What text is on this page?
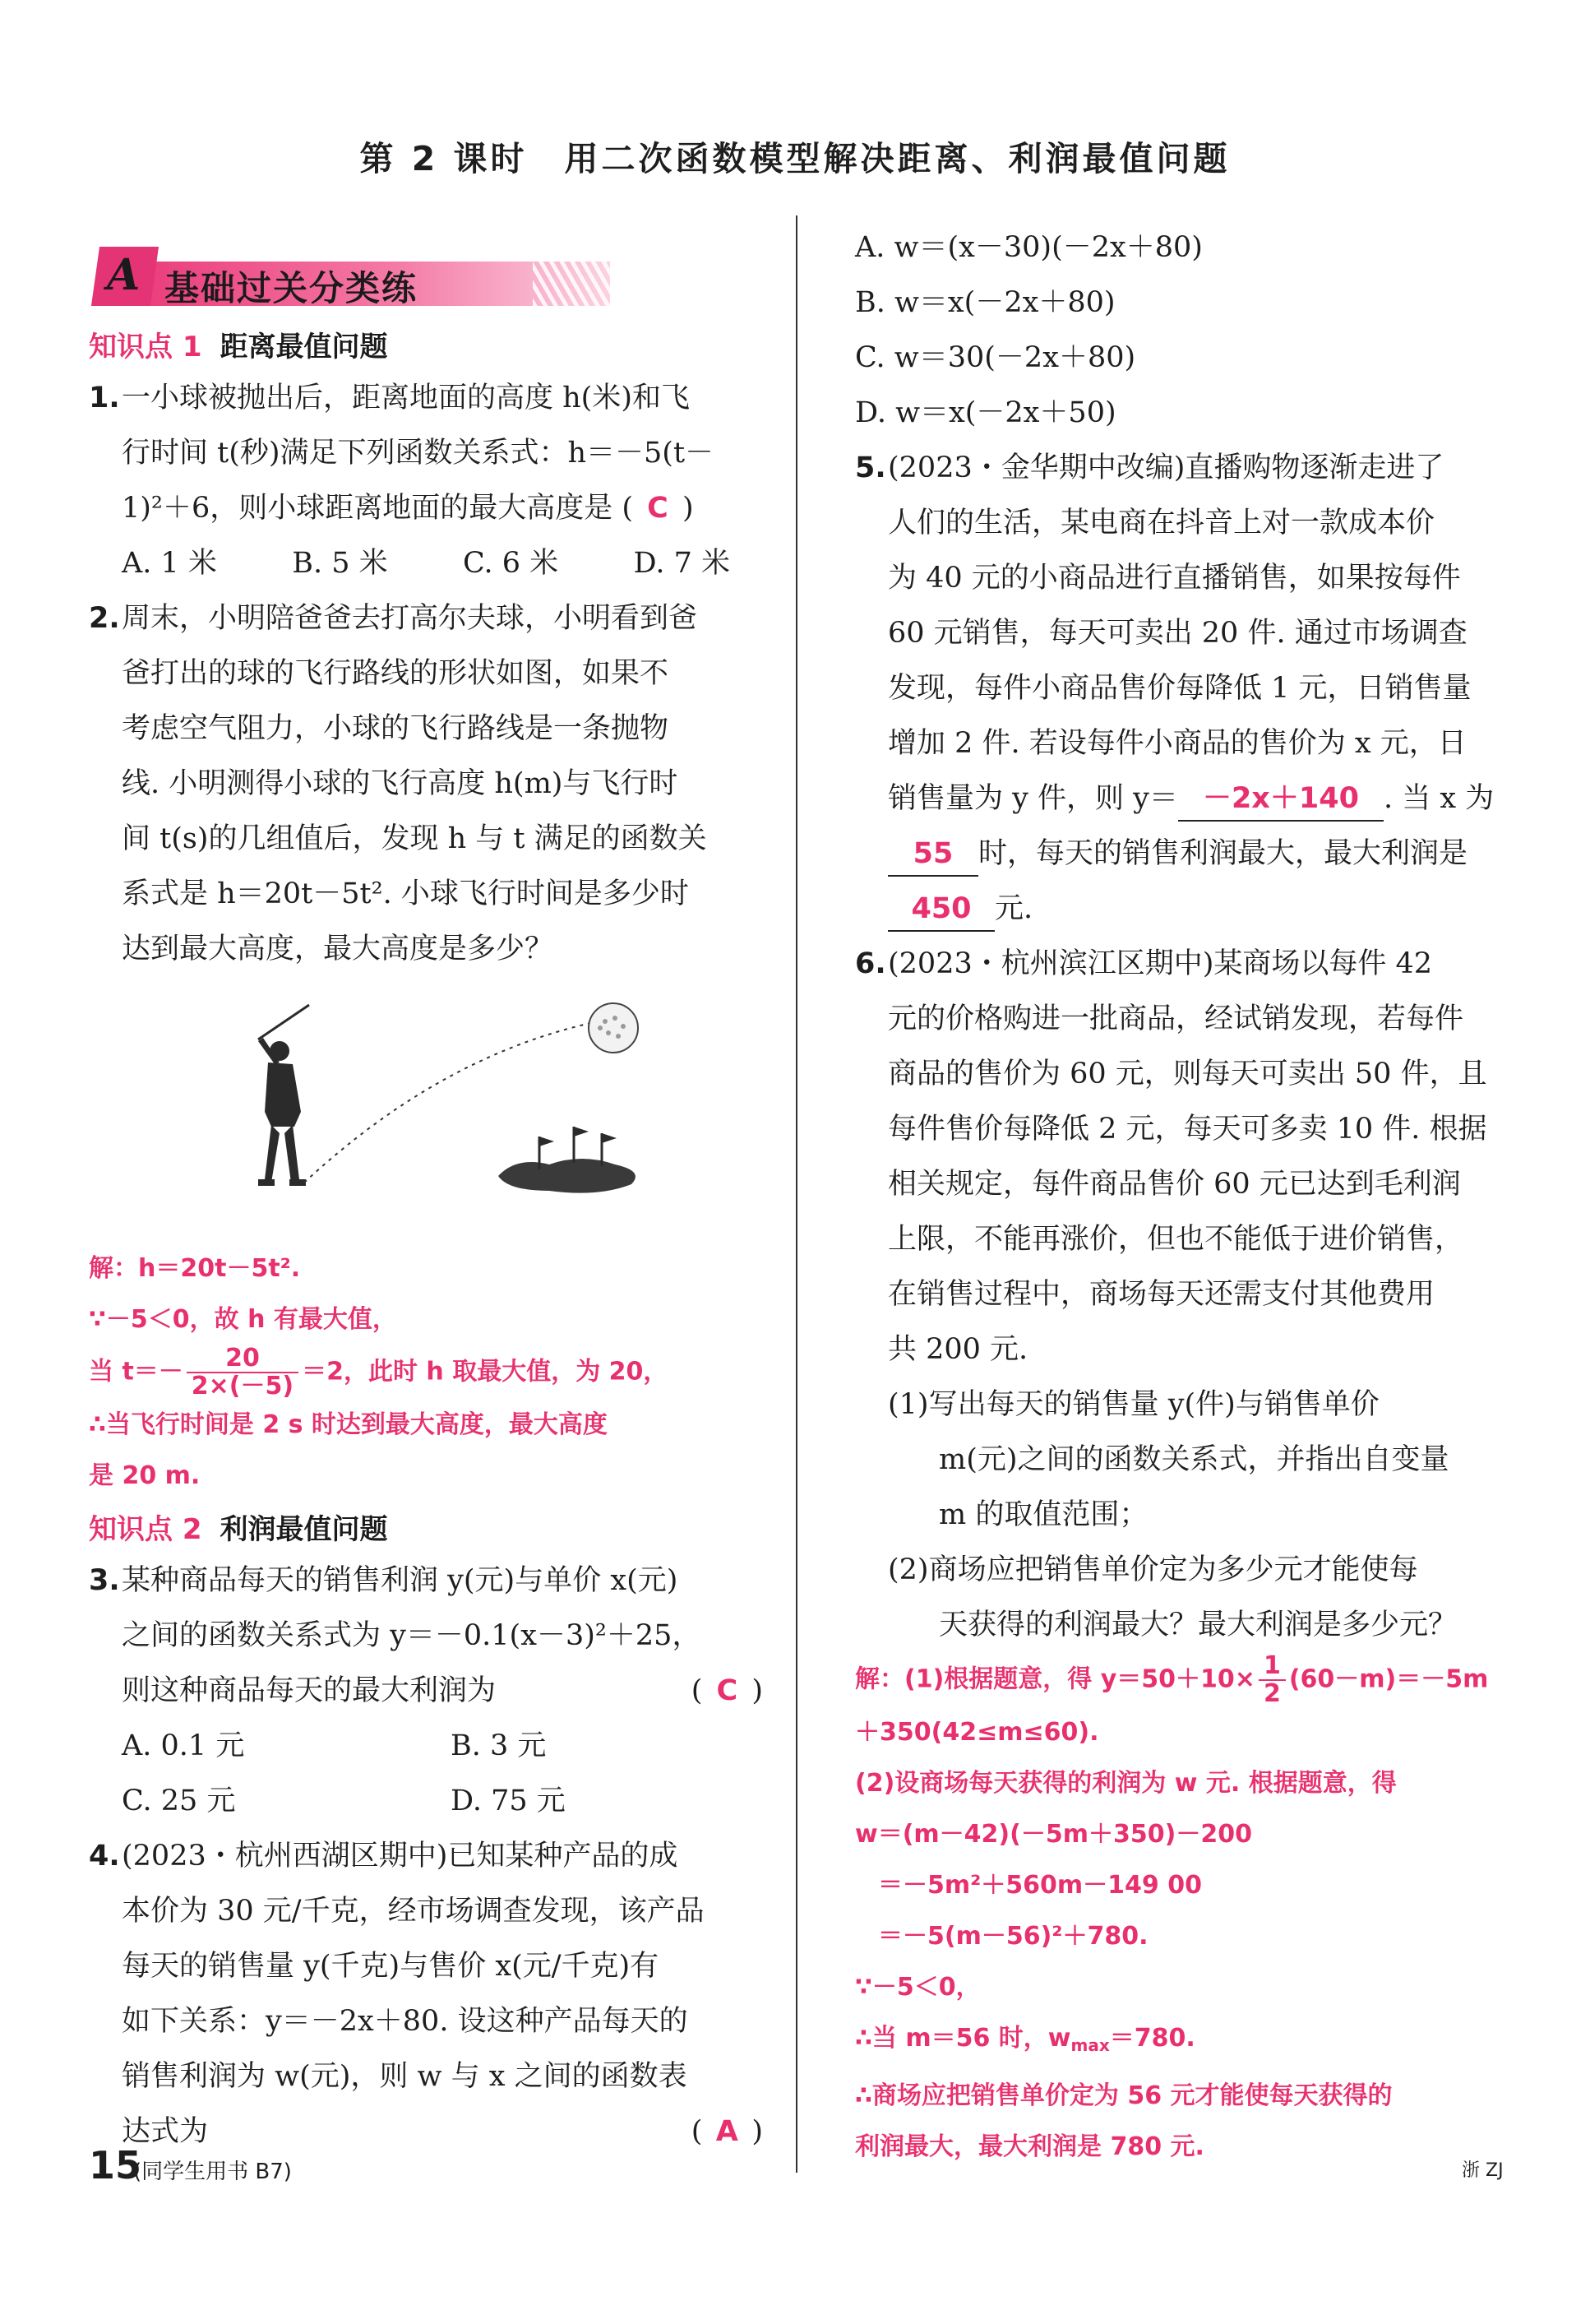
第 2 课时　用二次函数模型解决距离、利润最值问题
A 基础过关分类练
知识点 1 距离最值问题
1. 一小球被抛出后，距离地面的高度 h(米)和飞

行时间 t(秒)满足下列函数关系式：h＝－5(t－

1)²＋6，则小球距离地面的最大高度是 ( C )

A. 1 米	B. 5 米	C. 6 米	D. 7 米
2. 周末，小明陪爸爸去打高尔夫球，小明看到爸

爸打出的球的飞行路线的形状如图，如果不

考虑空气阻力，小球的飞行路线是一条抛物

线. 小明测得小球的飞行高度 h(m)与飞行时

间 t(s)的几组值后，发现 h 与 t 满足的函数关

系式是 h＝20t－5t². 小球飞行时间是多少时

达到最大高度，最大高度是多少？

解：h＝20t－5t².

∵－5＜0，故 h 有最大值，

当 $t=- \frac{20}{2\times(-5)} =2$，此时 h 取最大值，为 20，

∴当飞行时间是 2 s 时达到最大高度，最大高度

是 20 m.

知识点 2 利润最值问题
3. 某种商品每天的销售利润 y(元)与单价 x(元)

之间的函数关系式为 y＝－0.1(x－3)²＋25，

则这种商品每天的最大利润为	( C )

A. 0.1 元	B. 3 元
C. 25 元	D. 75 元
4. (2023・杭州西湖区期中)已知某种产品的成

本价为 30 元/千克，经市场调查发现，该产品

每天的销售量 y(千克)与售价 x(元/千克)有

如下关系：y＝－2x＋80. 设这种产品每天的

销售利润为 w(元)，则 w 与 x 之间的函数表

达式为	( A )

A. w＝(x－30)(－2x＋80)

B. w＝x(－2x＋80)

C. w＝30(－2x＋80)

D. w＝x(－2x＋50)

5. (2023・金华期中改编)直播购物逐渐走进了

人们的生活，某电商在抖音上对一款成本价

为 40 元的小商品进行直播销售，如果按每件

60 元销售，每天可卖出 20 件. 通过市场调查

发现，每件小商品售价每降低 1 元，日销售量

增加 2 件. 若设每件小商品的售价为 x 元，日

销售量为 y 件，则 y＝ －2x＋140 . 当 x 为

55 时，每天的销售利润最大，最大利润是

450 元.

6. (2023・杭州滨江区期中)某商场以每件 42

元的价格购进一批商品，经试销发现，若每件

商品的售价为 60 元，则每天可卖出 50 件，且

每件售价每降低 2 元，每天可多卖 10 件. 根据

相关规定，每件商品售价 60 元已达到毛利润

上限，不能再涨价，但也不能低于进价销售，

在销售过程中，商场每天还需支付其他费用

共 200 元.

(1)写出每天的销售量 y(件)与销售单价

m(元)之间的函数关系式，并指出自变量

m 的取值范围；

(2)商场应把销售单价定为多少元才能使每

天获得的利润最大？最大利润是多少元？

解：(1)根据题意，得 $y=50+10\times \frac{1}{2} (60-m)=-5m$

＋350(42≤m≤60).

(2)设商场每天获得的利润为 w 元. 根据题意，得

w＝(m－42)(－5m＋350)－200

＝－5m²＋560m－149 00

＝－5(m－56)²＋780.

∵－5＜0，

∴当 m＝56 时，$w_{max}=780$.

∴商场应把销售单价定为 56 元才能使每天获得的

利润最大，最大利润是 780 元.

15
(同学生用书 B7)	浙 ZJ
